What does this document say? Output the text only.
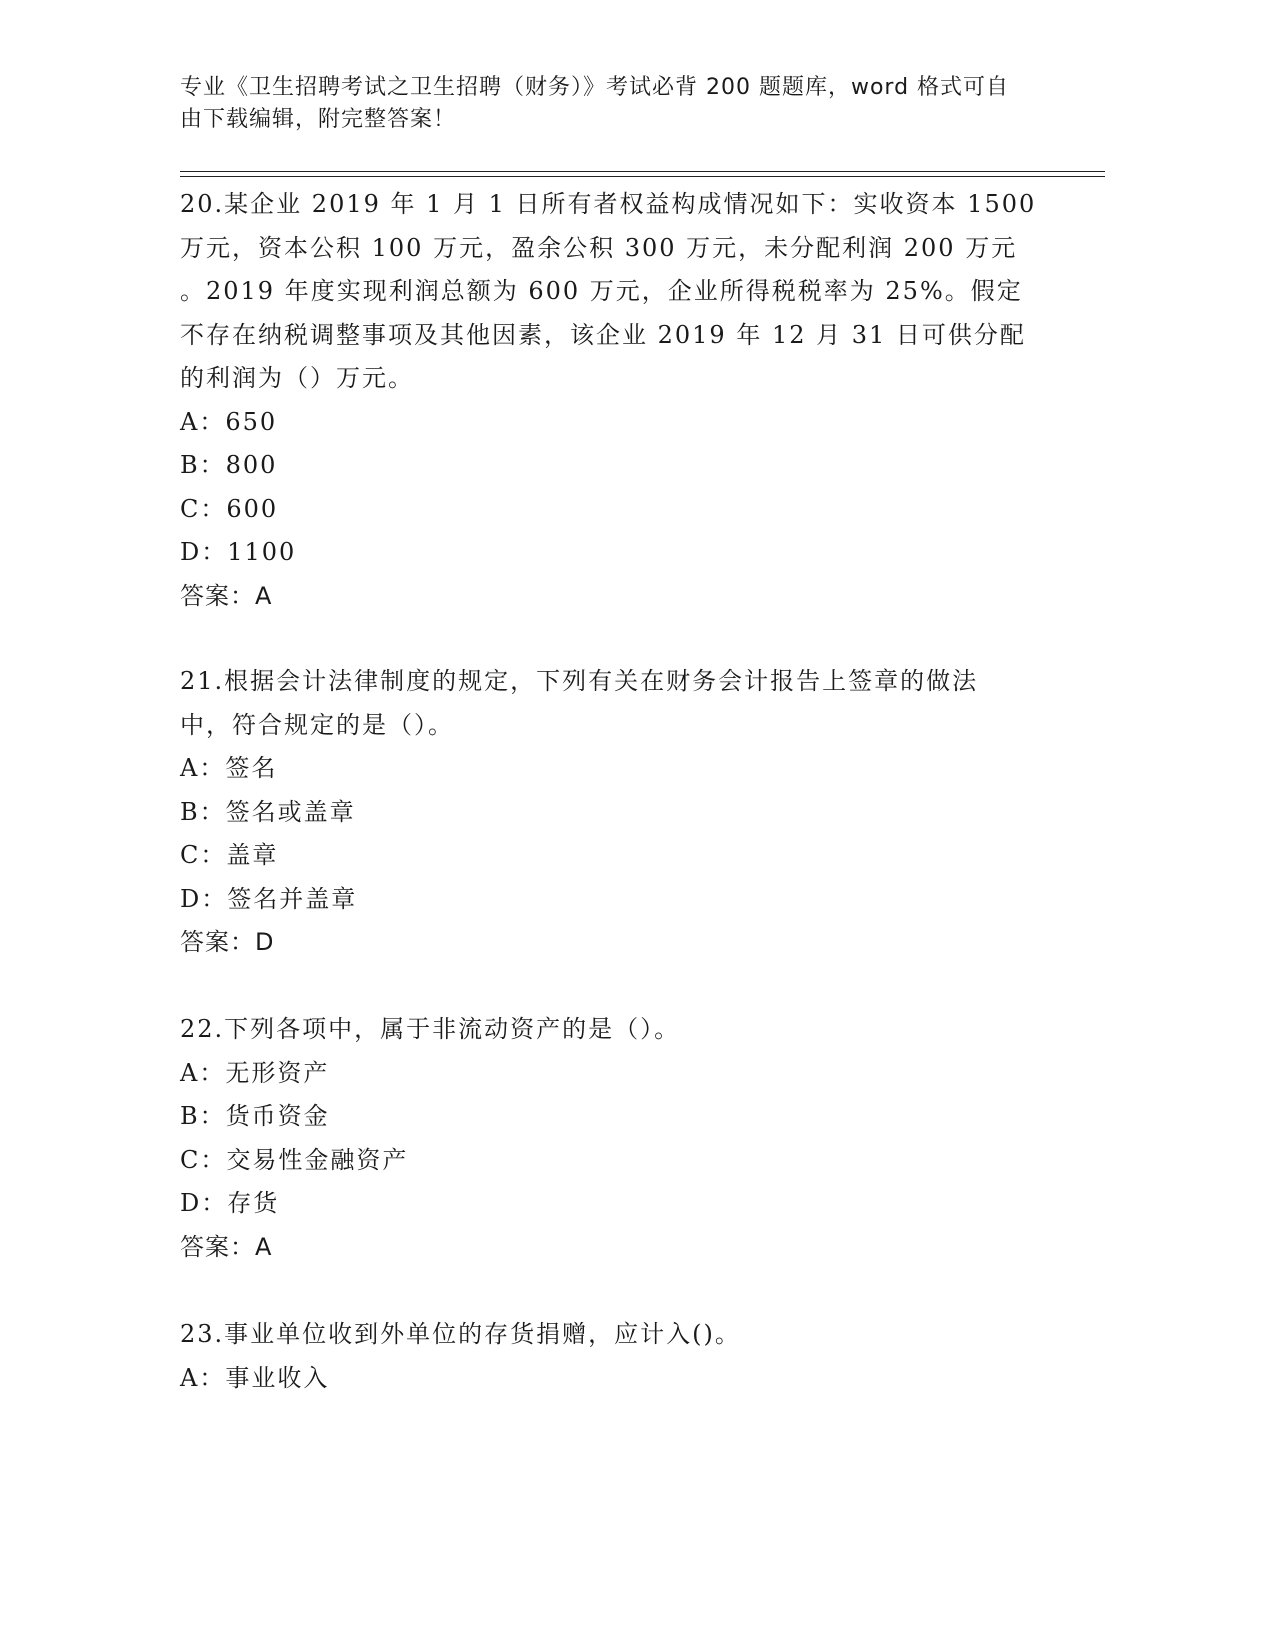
专业《卫生招聘考试之卫生招聘（财务）》考试必背 200 题题库，word 格式可自
由下载编辑，附完整答案！

20.某企业 2019 年 1 月 1 日所有者权益构成情况如下：实收资本 1500

万元，资本公积 100 万元，盈余公积 300 万元，未分配利润 200 万元

。2019 年度实现利润总额为 600 万元，企业所得税税率为 25%。假定

不存在纳税调整事项及其他因素，该企业 2019 年 12 月 31 日可供分配

的利润为（）万元。

A：650

B：800

C：600

D：1100

答案：A

21.根据会计法律制度的规定，下列有关在财务会计报告上签章的做法

中，符合规定的是（）。

A：签名

B：签名或盖章

C：盖章

D：签名并盖章

答案：D

22.下列各项中，属于非流动资产的是（）。

A：无形资产

B：货币资金

C：交易性金融资产

D：存货

答案：A

23.事业单位收到外单位的存货捐赠，应计入()。

A：事业收入
